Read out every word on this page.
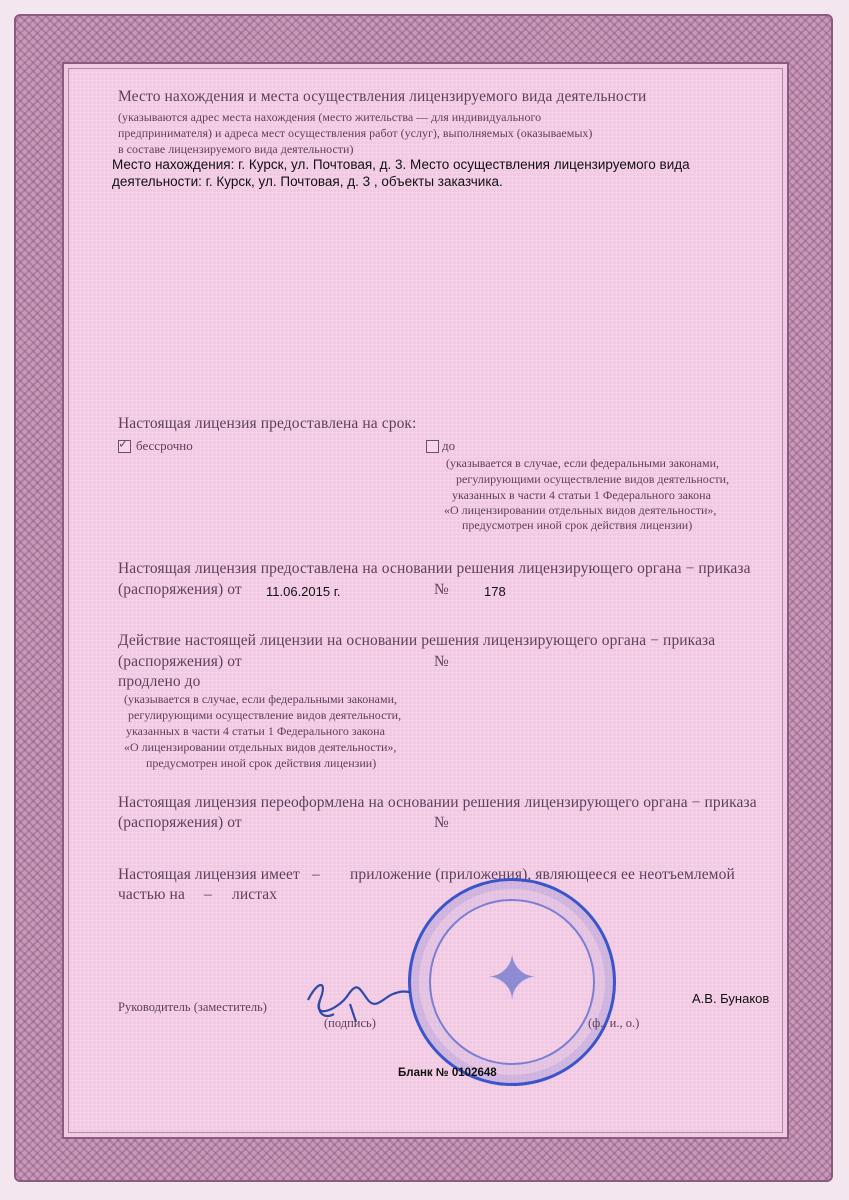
Место нахождения и места осуществления лицензируемого вида деятельности
(указываются адрес места нахождения (место жительства — для индивидуального
предпринимателя) и адреса мест осуществления работ (услуг), выполняемых (оказываемых)
в составе лицензируемого вида деятельности)
Место нахождения: г. Курск, ул. Почтовая, д. 3. Место осуществления лицензируемого вида
деятельности: г. Курск, ул. Почтовая, д. 3 , объекты заказчика.
Настоящая лицензия предоставлена на срок:
✓ бессрочно	до
(указывается в случае, если федеральными законами,
регулирующими осуществление видов деятельности,
указанных в части 4 статьи 1 Федерального закона
«О лицензировании отдельных видов деятельности»,
предусмотрен иной срок действия лицензии)
Настоящая лицензия предоставлена на основании решения лицензирующего органа − приказа
(распоряжения) от 11.06.2015 г.	№	178
Действие настоящей лицензии на основании решения лицензирующего органа − приказа
(распоряжения) от	№
продлено до
(указывается в случае, если федеральными законами,
регулирующими осуществление видов деятельности,
указанных в части 4 статьи 1 Федерального закона
«О лицензировании отдельных видов деятельности»,
предусмотрен иной срок действия лицензии)
Настоящая лицензия переоформлена на основании решения лицензирующего органа − приказа
(распоряжения) от	№
Настоящая лицензия имеет – приложение (приложения), являющееся ее неотъемлемой
частью на – листах
✦
Руководитель (заместитель)
(подпись)	(ф., и., о.)
А.В. Бунаков
Бланк № 0102648
